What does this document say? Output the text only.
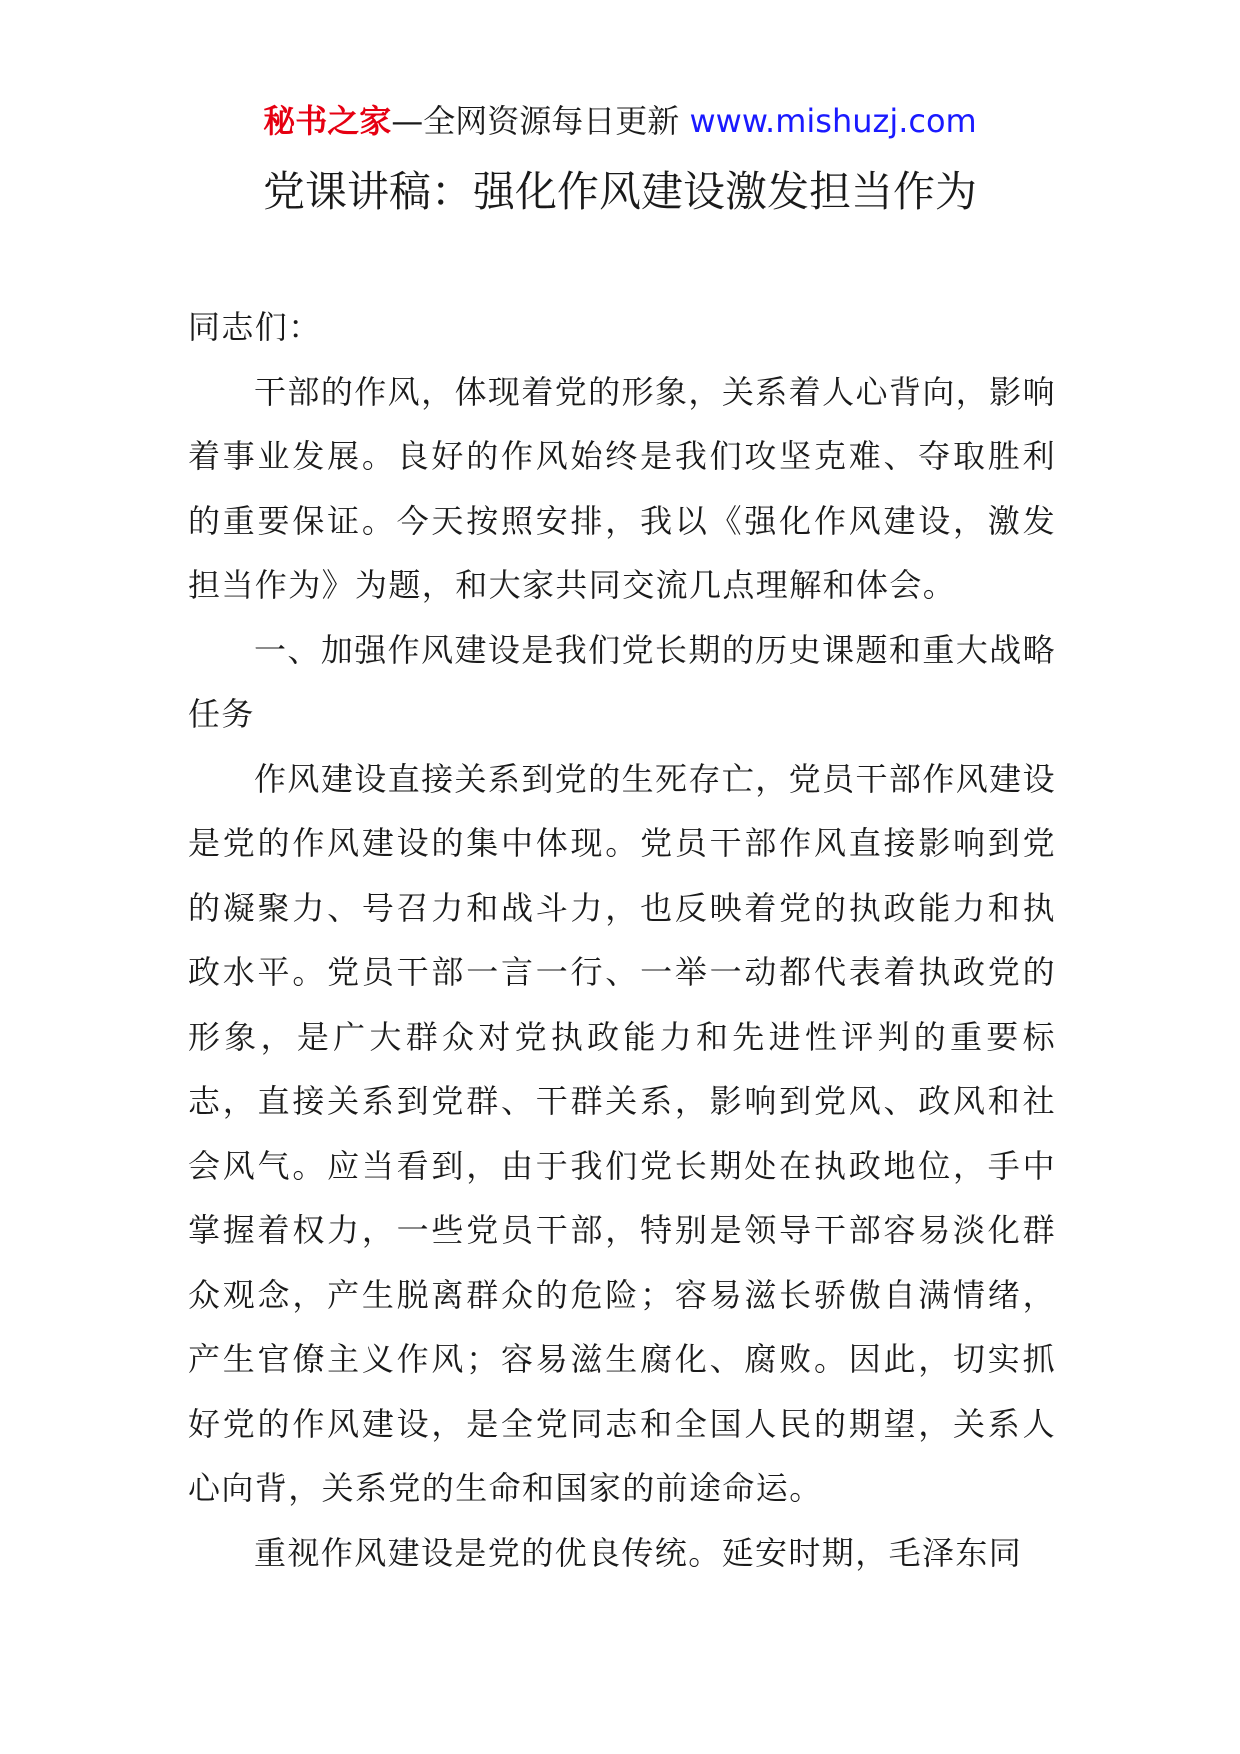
秘书之家—全网资源每日更新 www.mishuzj.com
党课讲稿：强化作风建设激发担当作为

同志们：

干部的作风，体现着党的形象，关系着人心背向，影响着事业发展。良好的作风始终是我们攻坚克难、夺取胜利的重要保证。今天按照安排，我以《强化作风建设，激发担当作为》为题，和大家共同交流几点理解和体会。

一、加强作风建设是我们党长期的历史课题和重大战略任务

作风建设直接关系到党的生死存亡，党员干部作风建设是党的作风建设的集中体现。党员干部作风直接影响到党的凝聚力、号召力和战斗力，也反映着党的执政能力和执政水平。党员干部一言一行、一举一动都代表着执政党的形象，是广大群众对党执政能力和先进性评判的重要标志，直接关系到党群、干群关系，影响到党风、政风和社会风气。应当看到，由于我们党长期处在执政地位，手中掌握着权力，一些党员干部，特别是领导干部容易淡化群众观念，产生脱离群众的危险；容易滋长骄傲自满情绪，产生官僚主义作风；容易滋生腐化、腐败。因此，切实抓好党的作风建设，是全党同志和全国人民的期望，关系人心向背，关系党的生命和国家的前途命运。

重视作风建设是党的优良传统。延安时期，毛泽东同
